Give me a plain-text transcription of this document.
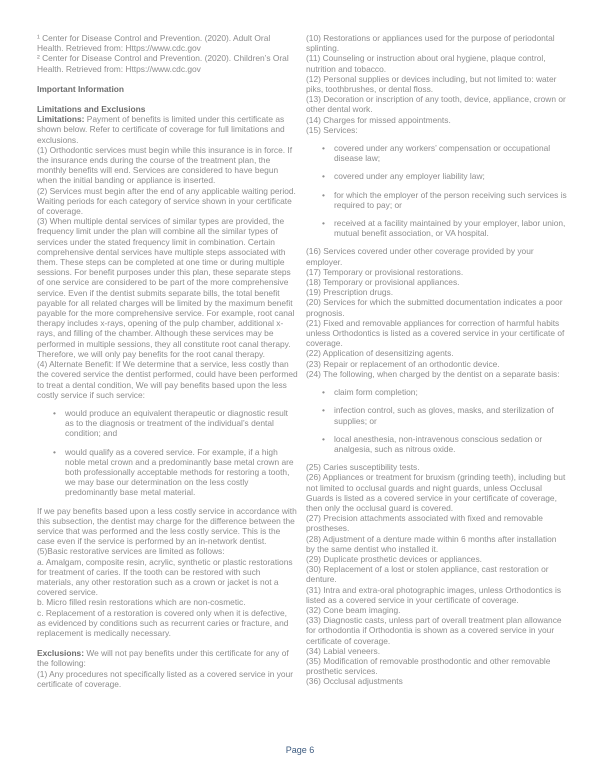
¹ Center for Disease Control and Prevention. (2020). Adult Oral Health. Retrieved from: Https://www.cdc.gov
² Center for Disease Control and Prevention. (2020). Children’s Oral Health. Retrieved from: Https://www.cdc.gov
Important Information
Limitations and Exclusions
Limitations: Payment of benefits is limited under this certificate as shown below. Refer to certificate of coverage for full limitations and exclusions.
(1) Orthodontic services must begin while this insurance is in force. If the insurance ends during the course of the treatment plan, the monthly benefits will end. Services are considered to have begun when the initial banding or appliance is inserted.
(2) Services must begin after the end of any applicable waiting period. Waiting periods for each category of service shown in your certificate of coverage.
(3) When multiple dental services of similar types are provided, the frequency limit under the plan will combine all the similar types of services under the stated frequency limit in combination. Certain comprehensive dental services have multiple steps associated with them. These steps can be completed at one time or during multiple sessions. For benefit purposes under this plan, these separate steps of one service are considered to be part of the more comprehensive service. Even if the dentist submits separate bills, the total benefit payable for all related charges will be limited by the maximum benefit payable for the more comprehensive service. For example, root canal therapy includes x-rays, opening of the pulp chamber, additional x-rays, and filling of the chamber. Although these services may be performed in multiple sessions, they all constitute root canal therapy. Therefore, we will only pay benefits for the root canal therapy.
(4) Alternate Benefit: If We determine that a service, less costly than the covered service the dentist performed, could have been performed to treat a dental condition, We will pay benefits based upon the less costly service if such service:
• would produce an equivalent therapeutic or diagnostic result as to the diagnosis or treatment of the individual’s dental condition; and
• would qualify as a covered service. For example, if a high noble metal crown and a predominantly base metal crown are both professionally acceptable methods for restoring a tooth, we may base our determination on the less costly predominantly base metal material.
If we pay benefits based upon a less costly service in accordance with this subsection, the dentist may charge for the difference between the service that was performed and the less costly service. This is the case even if the service is performed by an in-network dentist.
(5)Basic restorative services are limited as follows:
a. Amalgam, composite resin, acrylic, synthetic or plastic restorations for treatment of caries. If the tooth can be restored with such materials, any other restoration such as a crown or jacket is not a covered service.
b. Micro filled resin restorations which are non-cosmetic.
c. Replacement of a restoration is covered only when it is defective, as evidenced by conditions such as recurrent caries or fracture, and replacement is medically necessary.
Exclusions: We will not pay benefits under this certificate for any of the following:
(1) Any procedures not specifically listed as a covered service in your certificate of coverage.
(10) Restorations or appliances used for the purpose of periodontal splinting.
(11) Counseling or instruction about oral hygiene, plaque control, nutrition and tobacco.
(12) Personal supplies or devices including, but not limited to: water piks, toothbrushes, or dental floss.
(13) Decoration or inscription of any tooth, device, appliance, crown or other dental work.
(14) Charges for missed appointments.
(15) Services:
• covered under any workers’ compensation or occupational disease law;
• covered under any employer liability law;
• for which the employer of the person receiving such services is required to pay; or
• received at a facility maintained by your employer, labor union, mutual benefit association, or VA hospital.
(16) Services covered under other coverage provided by your employer.
(17) Temporary or provisional restorations.
(18) Temporary or provisional appliances.
(19) Prescription drugs.
(20) Services for which the submitted documentation indicates a poor prognosis.
(21) Fixed and removable appliances for correction of harmful habits unless Orthodontics is listed as a covered service in your certificate of coverage.
(22) Application of desensitizing agents.
(23) Repair or replacement of an orthodontic device.
(24) The following, when charged by the dentist on a separate basis:
• claim form completion;
• infection control, such as gloves, masks, and sterilization of supplies; or
• local anesthesia, non-intravenous conscious sedation or analgesia, such as nitrous oxide.
(25) Caries susceptibility tests.
(26) Appliances or treatment for bruxism (grinding teeth), including but not limited to occlusal guards and night guards, unless Occlusal Guards is listed as a covered service in your certificate of coverage, then only the occlusal guard is covered.
(27) Precision attachments associated with fixed and removable prostheses.
(28) Adjustment of a denture made within 6 months after installation by the same dentist who installed it.
(29) Duplicate prosthetic devices or appliances.
(30) Replacement of a lost or stolen appliance, cast restoration or denture.
(31) Intra and extra-oral photographic images, unless Orthodontics is listed as a covered service in your certificate of coverage.
(32) Cone beam imaging.
(33) Diagnostic casts, unless part of overall treatment plan allowance for orthodontia if Orthodontia is shown as a covered service in your certificate of coverage.
(34) Labial veneers.
(35) Modification of removable prosthodontic and other removable prosthetic services.
(36) Occlusal adjustments
Page 6
